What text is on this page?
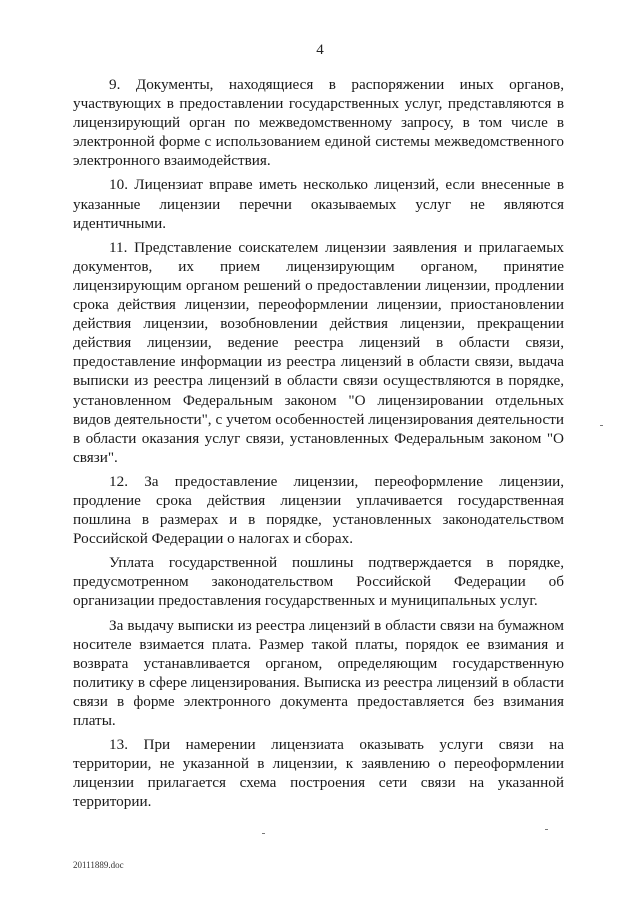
4

9. Документы, находящиеся в распоряжении иных органов, участвующих в предоставлении государственных услуг, представляются в лицензирующий орган по межведомственному запросу, в том числе в электронной форме с использованием единой системы межведомственного электронного взаимодействия.

10. Лицензиат вправе иметь несколько лицензий, если внесенные в указанные лицензии перечни оказываемых услуг не являются идентичными.

11. Представление соискателем лицензии заявления и прилагаемых документов, их прием лицензирующим органом, принятие лицензирующим органом решений о предоставлении лицензии, продлении срока действия лицензии, переоформлении лицензии, приостановлении действия лицензии, возобновлении действия лицензии, прекращении действия лицензии, ведение реестра лицензий в области связи, предоставление информации из реестра лицензий в области связи, выдача выписки из реестра лицензий в области связи осуществляются в порядке, установленном Федеральным законом "О лицензировании отдельных видов деятельности", с учетом особенностей лицензирования деятельности в области оказания услуг связи, установленных Федеральным законом "О связи".

12. За предоставление лицензии, переоформление лицензии, продление срока действия лицензии уплачивается государственная пошлина в размерах и в порядке, установленных законодательством Российской Федерации о налогах и сборах.

Уплата государственной пошлины подтверждается в порядке, предусмотренном законодательством Российской Федерации об организации предоставления государственных и муниципальных услуг.

За выдачу выписки из реестра лицензий в области связи на бумажном носителе взимается плата. Размер такой платы, порядок ее взимания и возврата устанавливается органом, определяющим государственную политику в сфере лицензирования. Выписка из реестра лицензий в области связи в форме электронного документа предоставляется без взимания платы.

13. При намерении лицензиата оказывать услуги связи на территории, не указанной в лицензии, к заявлению о переоформлении лицензии прилагается схема построения сети связи на указанной территории.

20111889.doc
